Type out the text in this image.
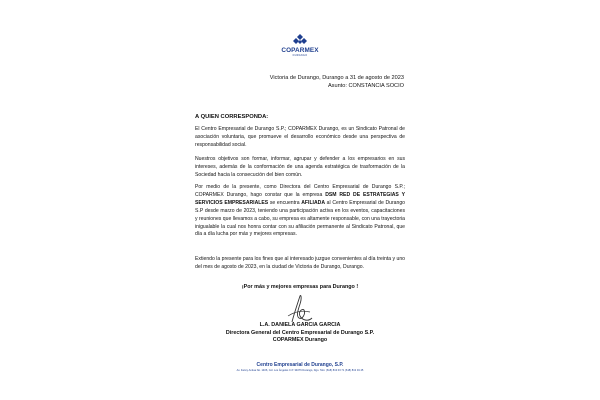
COPARMEX
DURANGO
Victoria de Durango, Durango a 31 de agosto de 2023
Asunto: CONSTANCIA SOCIO
A QUIEN CORRESPONDA:
El Centro Empresarial de Durango S.P.; COPARMEX Durango, es un Sindicato Patronal de asociación voluntaria, que promueve el desarrollo económico desde una perspectiva de responsabilidad social.
Nuestros objetivos son formar, informar, agrupar y defender a los empresarios en sus intereses, además de la conformación de una agenda estratégica de trasformación de la Sociedad hacia la consecución del bien común.
Por medio de la presente, como Directora del Centro Empresarial de Durango S.P.; COPARMEX Durango, hago constar que la empresa DSM RED DE ESTRATEGIAS Y SERVICIOS EMPRESARIALES se encuentra AFILIADA al Centro Empresarial de Durango S.P desde marzo de 2023, teniendo una participación activa en los eventos, capacitaciones y reuniones que llevamos a cabo, su empresa es altamente responsable, con una trayectoria inigualable la cual nos honra contar con su afiliación permanente al Sindicato Patronal, que día a día lucha por más y mejores empresas.
Extiendo la presente para los fines que al interesado juzgue convenientes al día treinta y uno del mes de agosto de 2023, en la ciudad de Victoria de Durango, Durango.
¡Por más y mejores empresas para Durango !
L.A. DANIELA GARCIA GARCIA
Directora General del Centro Empresarial de Durango S.P.
COPARMEX Durango
Centro Empresarial de Durango, S.P.
Av. Fanny Anitua No. 1406, Col. Los Ángeles C.P. 34076 Durango, Dgo. Tels: (618) 813 03 71 (618) 813 04 45
